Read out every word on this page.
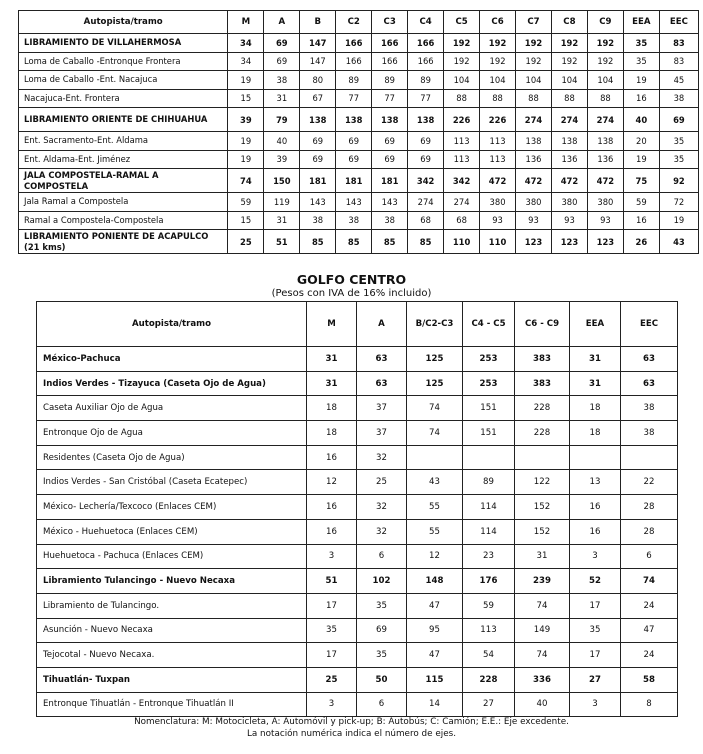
Autopista/tramo	M	A	B	C2	C3	C4	C5	C6	C7	C8	C9	EEA	EEC
LIBRAMIENTO DE VILLAHERMOSA	34	69	147	166	166	166	192	192	192	192	192	35	83
Loma de Caballo -Entronque Frontera	34	69	147	166	166	166	192	192	192	192	192	35	83
Loma de Caballo -Ent. Nacajuca	19	38	80	89	89	89	104	104	104	104	104	19	45
Nacajuca-Ent. Frontera	15	31	67	77	77	77	88	88	88	88	88	16	38
LIBRAMIENTO ORIENTE DE CHIHUAHUA	39	79	138	138	138	138	226	226	274	274	274	40	69
Ent. Sacramento-Ent. Aldama	19	40	69	69	69	69	113	113	138	138	138	20	35
Ent. Aldama-Ent. Jiménez	19	39	69	69	69	69	113	113	136	136	136	19	35
JALA COMPOSTELA-RAMAL A COMPOSTELA	74	150	181	181	181	342	342	472	472	472	472	75	92
Jala Ramal a Compostela	59	119	143	143	143	274	274	380	380	380	380	59	72
Ramal a Compostela-Compostela	15	31	38	38	38	68	68	93	93	93	93	16	19
LIBRAMIENTO PONIENTE DE ACAPULCO (21 kms)	25	51	85	85	85	85	110	110	123	123	123	26	43
GOLFO CENTRO
(Pesos con IVA de 16% incluido)
Autopista/tramo	M	A	B/C2-C3	C4 - C5	C6 - C9	EEA	EEC
México-Pachuca	31	63	125	253	383	31	63
Indios Verdes - Tizayuca (Caseta Ojo de Agua)	31	63	125	253	383	31	63
Caseta Auxiliar Ojo de Agua	18	37	74	151	228	18	38
Entronque Ojo de Agua	18	37	74	151	228	18	38
Residentes (Caseta Ojo de Agua)	16	32					
Indios Verdes - San Cristóbal (Caseta Ecatepec)	12	25	43	89	122	13	22
México- Lechería/Texcoco (Enlaces CEM)	16	32	55	114	152	16	28
México - Huehuetoca (Enlaces CEM)	16	32	55	114	152	16	28
Huehuetoca - Pachuca (Enlaces CEM)	3	6	12	23	31	3	6
Libramiento Tulancingo - Nuevo Necaxa	51	102	148	176	239	52	74
Libramiento de Tulancingo.	17	35	47	59	74	17	24
Asunción - Nuevo Necaxa	35	69	95	113	149	35	47
Tejocotal - Nuevo Necaxa.	17	35	47	54	74	17	24
Tihuatlán- Tuxpan	25	50	115	228	336	27	58
Entronque Tihuatlán - Entronque Tihuatlán II	3	6	14	27	40	3	8
Nomenclatura: M: Motocicleta, A: Automóvil y pick-up; B: Autobús; C: Camión; E.E.: Eje excedente.
La notación numérica indica el número de ejes.
